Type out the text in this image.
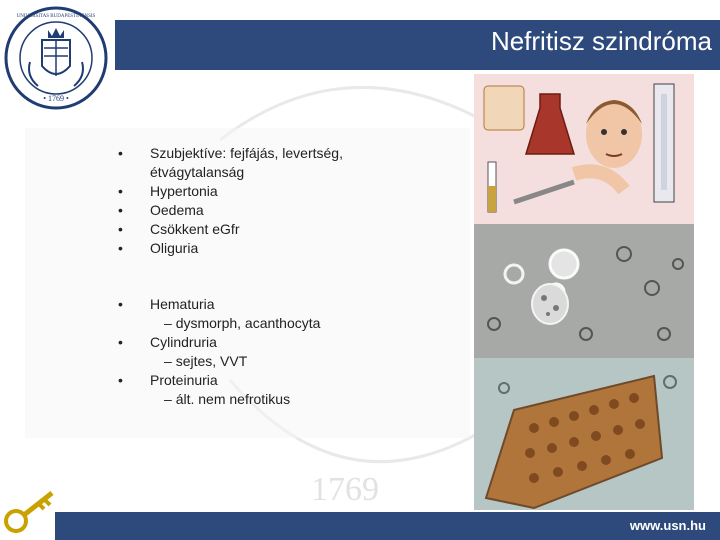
• 1769 •
UNIVERSITAS BUDAPESTINENSIS
Nefritisz szindróma
1769
• Szubjektíve: fejfájás, levertség,
étvágytalanság
• Hypertonia
• Oedema
• Csökkent eGfr
• Oliguria
• Hematuria
– dysmorph, acanthocyta
• Cylindruria
– sejtes, VVT
• Proteinuria
– ált. nem nefrotikus
www.usn.hu
